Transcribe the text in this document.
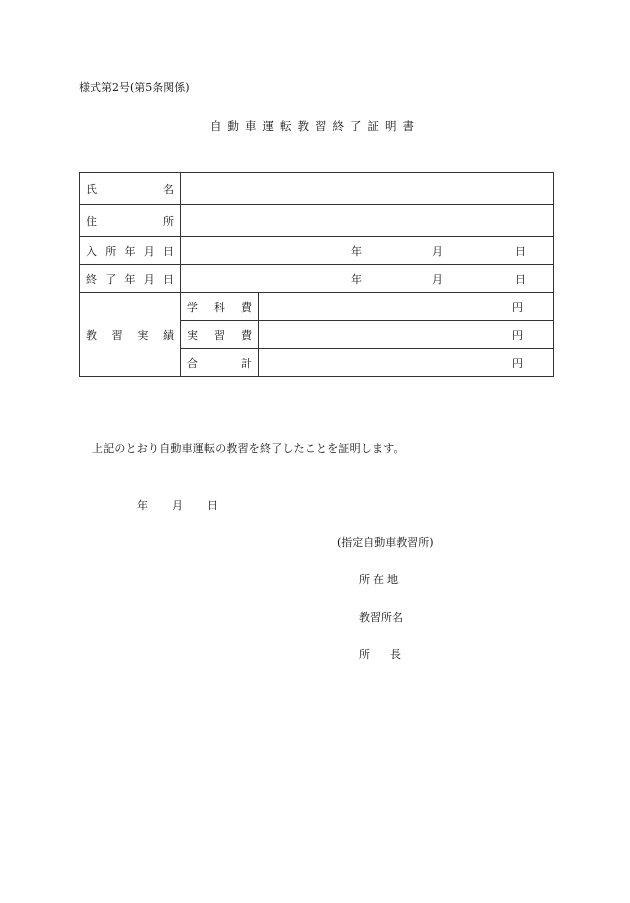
様式第2号(第5条関係)
自動車運転教習終了証明書
氏 名		

住 所		

入 所 年 月 日	年 月 日	

終 了 年 月 日	年 月 日	

教 習 実 績	学 科 費	円

	実 習 費	円

	合 計	円
上記のとおり自動車運転の教習を終了したことを証明します。
年 月 日
(指定自動車教習所)
所在地
教習所名
所 長
